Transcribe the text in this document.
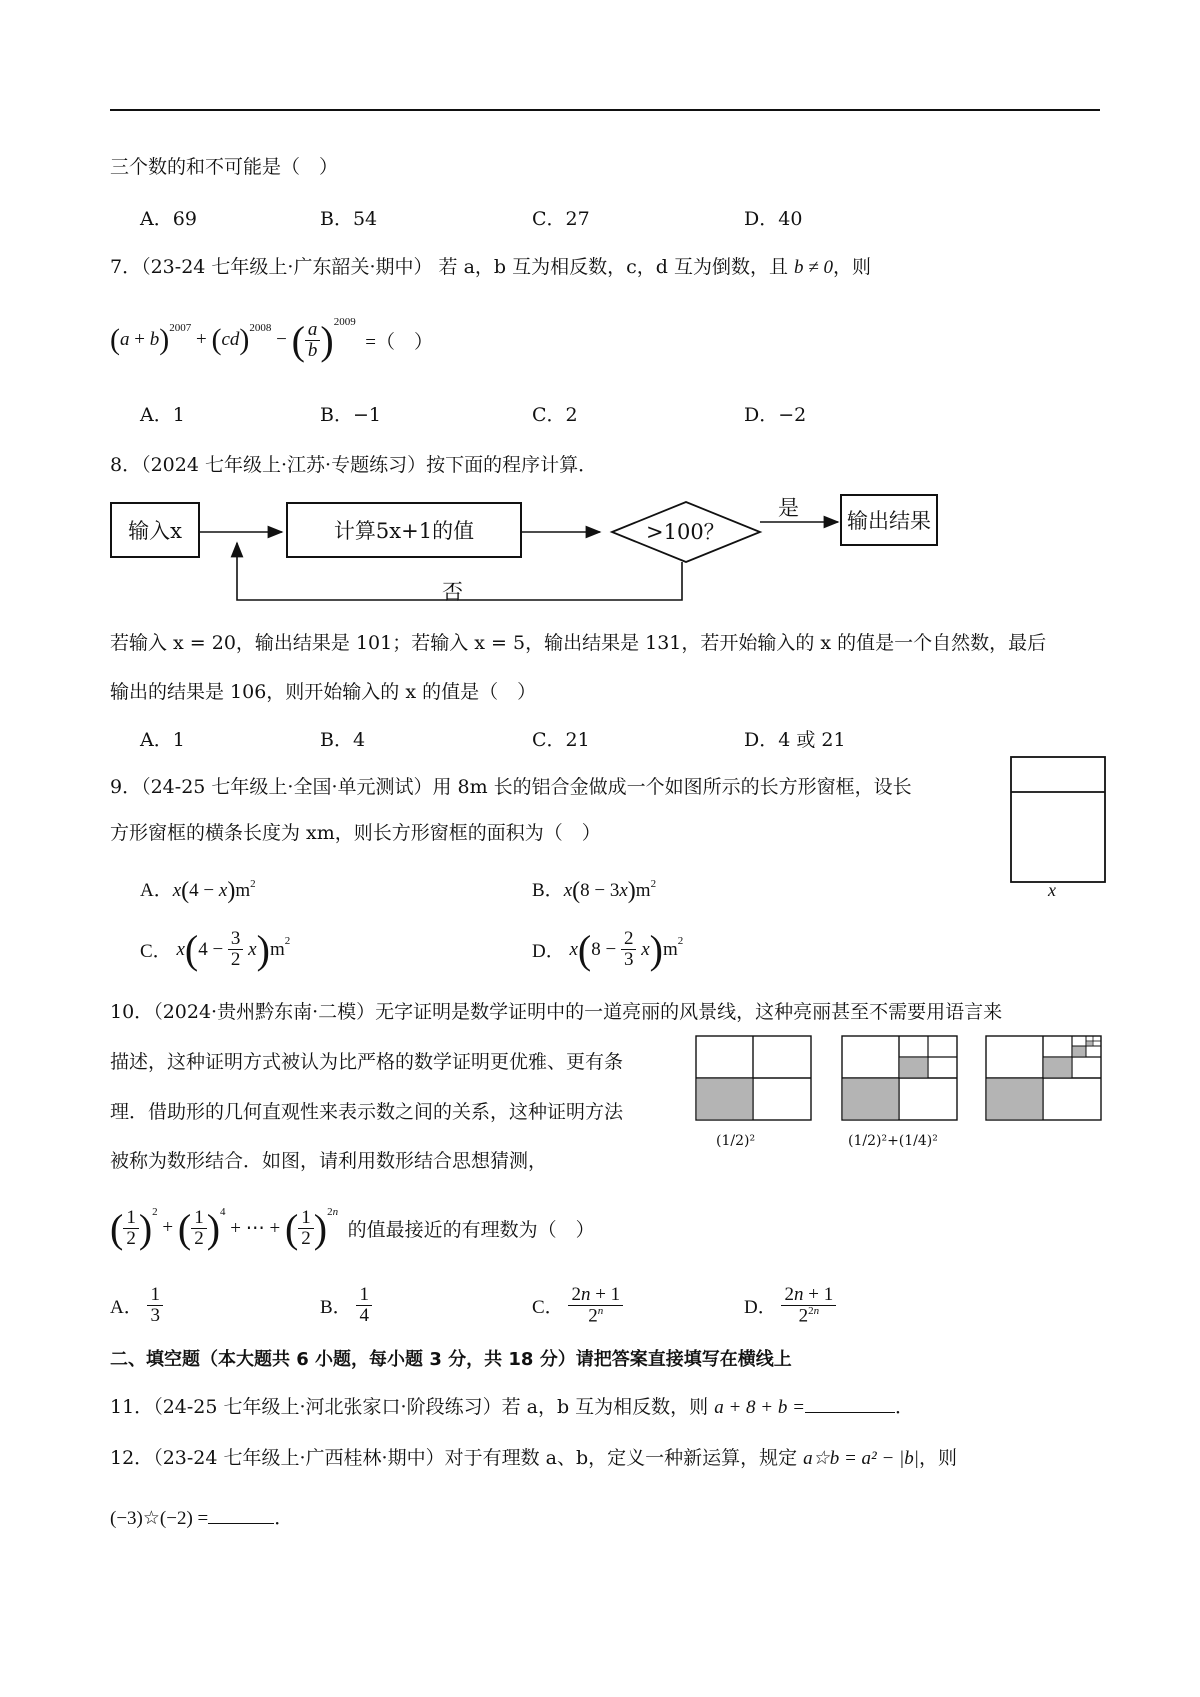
三个数的和不可能是（　）
A．69	B．54	C．27	D．40
7．（23-24 七年级上·广东韶关·期中） 若 a，b 互为相反数，c，d 互为倒数，且 b ≠ 0，则
( a + b ) 2007
+ ( cd ) 2008
− ( $\frac{a}{b}$ ) 2009

=（　）
A．1	B．−1	C．2	D．−2
8．（2024 七年级上·江苏·专题练习）按下面的程序计算．
输入x	计算5x+1的值	>100？
是
输出结果
否
若输入 x = 20，输出结果是 101；若输入 x = 5，输出结果是 131，若开始输入的 x 的值是一个自然数，最后
输出的结果是 106，则开始输入的 x 的值是（　）
A．1	B．4	C．21	D．4 或 21
9．（24-25 七年级上·全国·单元测试）用 8m 长的铝合金做成一个如图所示的长方形窗框，设长
方形窗框的横条长度为 xm，则长方形窗框的面积为（　）
x
A．$x(4 - x)m^2$	B．$x(8 - 3x)m^2$
C．
x ( $4 - \frac{3}{2}$
x ) m 2
D．
x ( $8 - \frac{2}{3}$
x ) m 2
10．（2024·贵州黔东南·二模）无字证明是数学证明中的一道亮丽的风景线，这种亮丽甚至不需要用语言来
描述，这种证明方式被认为比严格的数学证明更优雅、更有条
理．借助形的几何直观性来表示数之间的关系，这种证明方法
被称为数形结合．如图，请利用数形结合思想猜测，
(1/2)²	(1/2)²+(1/4)²
( $\frac{1}{2}$ ) 2
+ ( $\frac{1}{2}$ ) 4
+ ⋯ + ( $\frac{1}{2}$ ) 2n

的值最接近的有理数为（　）
A．
$\frac{1}{3}$	B．
$\frac{1}{4}$	C．
$\frac{2n + 1}{2^n}$	D．
$\frac{2n + 1}{2^{2n}}$
二、填空题（本大题共 6 小题，每小题 3 分，共 18 分）请把答案直接填写在横线上
11．（24-25 七年级上·河北张家口·阶段练习）若 a，b 互为相反数，则 a + 8 + b =	．
12．（23-24 七年级上·广西桂林·期中）对于有理数 a、b，定义一种新运算，规定 a☆b = a² − |b|，则
(−3)☆(−2) =	．
